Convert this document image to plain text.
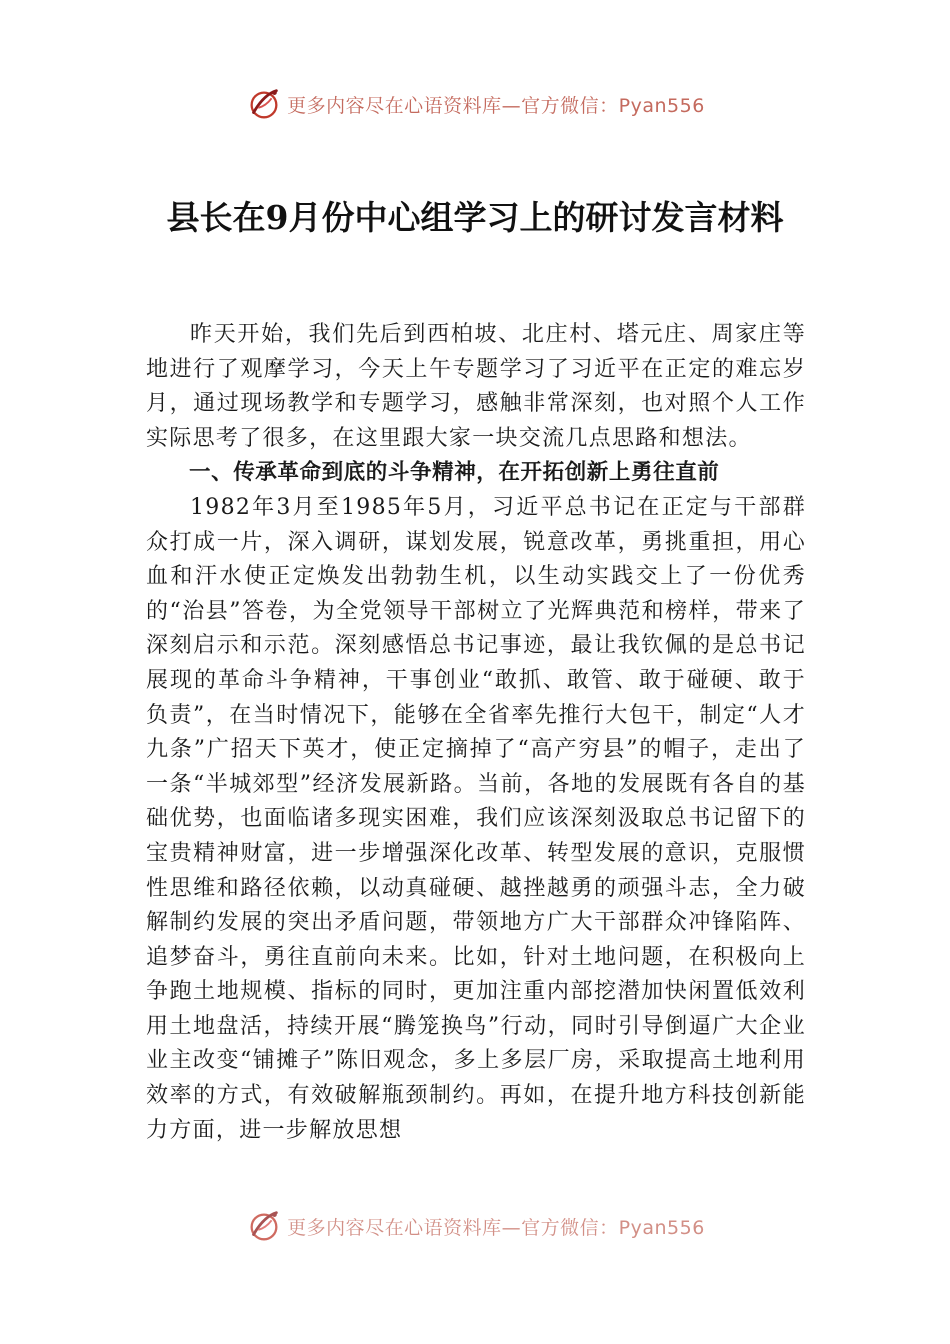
更多内容尽在心语资料库—官方微信：Pyan556
县长在9月份中心组学习上的研讨发言材料

昨天开始，我们先后到西柏坡、北庄村、塔元庄、周家庄等地进行了观摩学习，今天上午专题学习了习近平在正定的难忘岁月，通过现场教学和专题学习，感触非常深刻，也对照个人工作实际思考了很多，在这里跟大家一块交流几点思路和想法。

一、传承革命到底的斗争精神，在开拓创新上勇往直前

1982年3月至1985年5月，习近平总书记在正定与干部群众打成一片，深入调研，谋划发展，锐意改革，勇挑重担，用心血和汗水使正定焕发出勃勃生机，以生动实践交上了一份优秀的“治县”答卷，为全党领导干部树立了光辉典范和榜样，带来了深刻启示和示范。深刻感悟总书记事迹，最让我钦佩的是总书记展现的革命斗争精神，干事创业“敢抓、敢管、敢于碰硬、敢于负责”，在当时情况下，能够在全省率先推行大包干，制定“人才九条”广招天下英才，使正定摘掉了“高产穷县”的帽子，走出了一条“半城郊型”经济发展新路。当前，各地的发展既有各自的基础优势，也面临诸多现实困难，我们应该深刻汲取总书记留下的宝贵精神财富，进一步增强深化改革、转型发展的意识，克服惯性思维和路径依赖，以动真碰硬、越挫越勇的顽强斗志，全力破解制约发展的突出矛盾问题，带领地方广大干部群众冲锋陷阵、追梦奋斗，勇往直前向未来。比如，针对土地问题，在积极向上争跑土地规模、指标的同时，更加注重内部挖潜加快闲置低效利用土地盘活，持续开展“腾笼换鸟”行动，同时引导倒逼广大企业业主改变“铺摊子”陈旧观念，多上多层厂房，采取提高土地利用效率的方式，有效破解瓶颈制约。再如，在提升地方科技创新能力方面，进一步解放思想

更多内容尽在心语资料库—官方微信：Pyan556
